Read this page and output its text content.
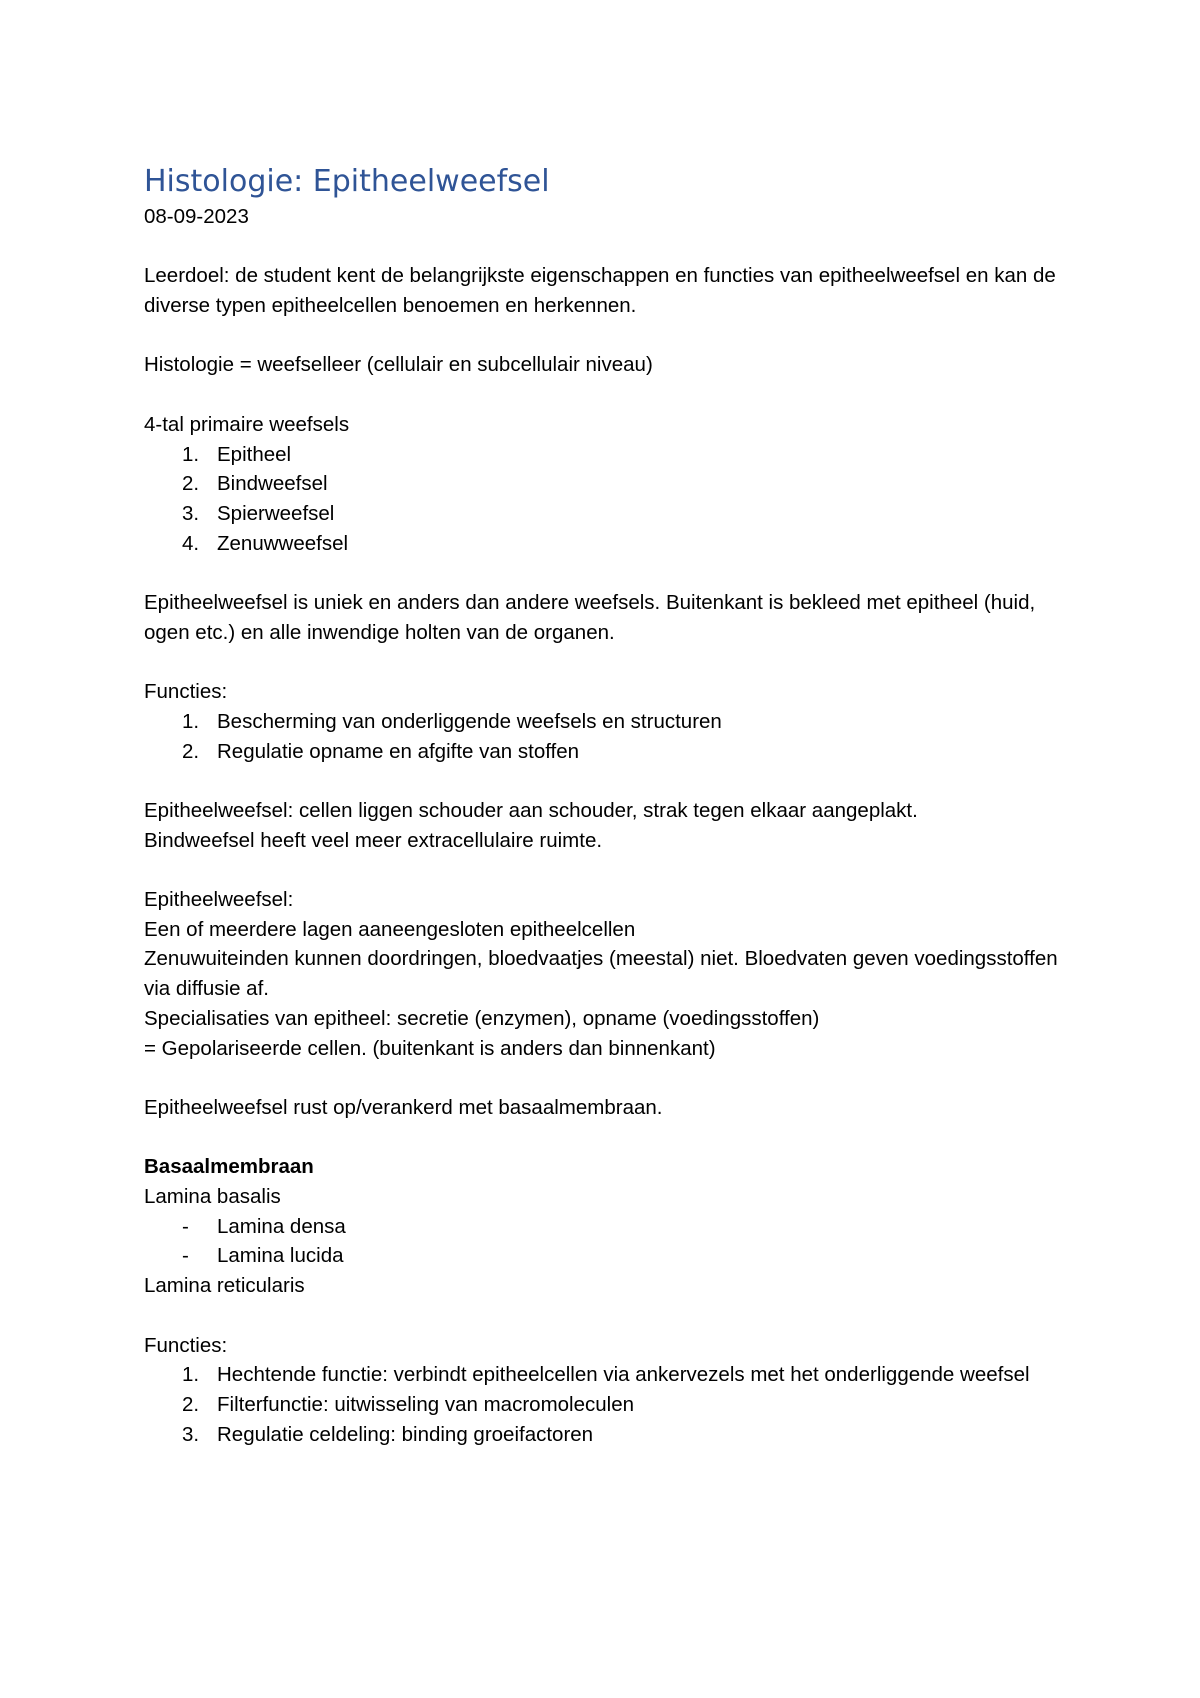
Histologie: Epitheelweefsel

08-09-2023

Leerdoel: de student kent de belangrijkste eigenschappen en functies van epitheelweefsel en kan de diverse typen epitheelcellen benoemen en herkennen.

Histologie = weefselleer (cellulair en subcellulair niveau)

4-tal primaire weefsels

1. Epitheel
2. Bindweefsel
3. Spierweefsel
4. Zenuwweefsel

Epitheelweefsel is uniek en anders dan andere weefsels. Buitenkant is bekleed met epitheel (huid, ogen etc.) en alle inwendige holten van de organen.

Functies:

1. Bescherming van onderliggende weefsels en structuren
2. Regulatie opname en afgifte van stoffen

Epitheelweefsel: cellen liggen schouder aan schouder, strak tegen elkaar aangeplakt.

Bindweefsel heeft veel meer extracellulaire ruimte.

Epitheelweefsel:

Een of meerdere lagen aaneengesloten epitheelcellen

Zenuwuiteinden kunnen doordringen, bloedvaatjes (meestal) niet. Bloedvaten geven voedingsstoffen via diffusie af.

Specialisaties van epitheel: secretie (enzymen), opname (voedingsstoffen)

= Gepolariseerde cellen. (buitenkant is anders dan binnenkant)

Epitheelweefsel rust op/verankerd met basaalmembraan.

Basaalmembraan

Lamina basalis

- Lamina densa
- Lamina lucida

Lamina reticularis

Functies:

1. Hechtende functie: verbindt epitheelcellen via ankervezels met het onderliggende weefsel
2. Filterfunctie: uitwisseling van macromoleculen
3. Regulatie celdeling: binding groeifactoren
